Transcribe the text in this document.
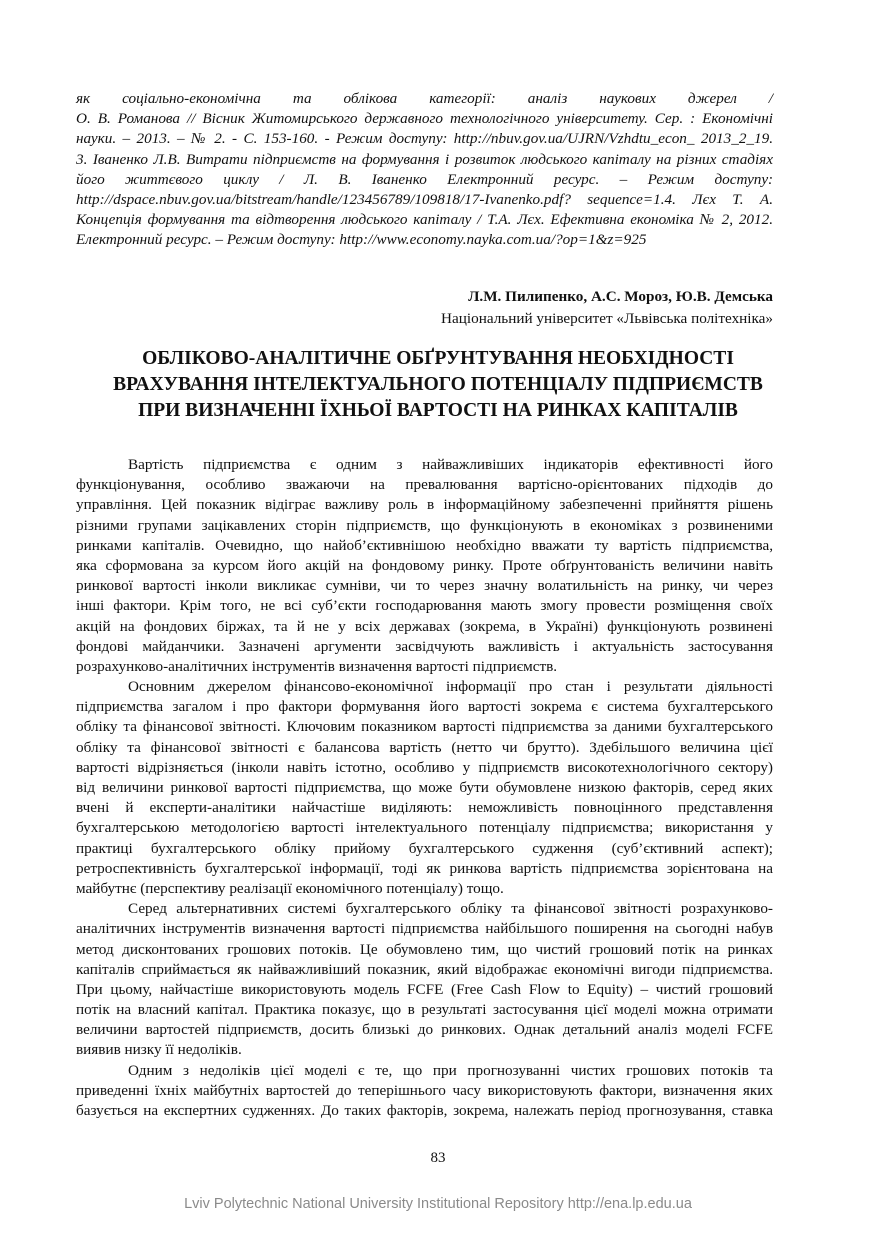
як соціально-економічна та облікова категорії: аналіз наукових джерел /
О. В. Романова // Вісник Житомирського державного технологічного університету. Сер. : Економічні
науки. – 2013. – № 2. - С. 153-160. - Режим доступу: http://nbuv.gov.ua/UJRN/Vzhdtu_econ_ 2013_2_19.
3. Іваненко Л.В. Витрати підприємств на формування і розвиток людського капіталу на різних стадіях
його життєвого циклу / Л. В. Іваненко Електронний ресурс. – Режим доступу:
http://dspace.nbuv.gov.ua/bitstream/handle/123456789/109818/17-Ivanenko.pdf? sequence=1.4. Лєх Т. А.
Концепція формування та відтворення людського капіталу / Т.А. Лєх. Ефективна економіка № 2, 2012.
Електронний ресурс. – Режим доступу: http://www.economy.nayka.com.ua/?op=1&z=925
Л.М. Пилипенко, А.С. Мороз, Ю.В. Демська
Національний університет «Львівська політехніка»
ОБЛІКОВО-АНАЛІТИЧНЕ ОБҐРУНТУВАННЯ НЕОБХІДНОСТІ
ВРАХУВАННЯ ІНТЕЛЕКТУАЛЬНОГО ПОТЕНЦІАЛУ ПІДПРИЄМСТВ
ПРИ ВИЗНАЧЕННІ ЇХНЬОЇ ВАРТОСТІ НА РИНКАХ КАПІТАЛІВ
Вартість підприємства є одним з найважливіших індикаторів ефективності його
функціонування, особливо зважаючи на превалювання вартісно-орієнтованих підходів до
управління. Цей показник відіграє важливу роль в інформаційному забезпеченні прийняття рішень
різними групами зацікавлених сторін підприємств, що функціонують в економіках з розвиненими
ринками капіталів. Очевидно, що найоб’єктивнішою необхідно вважати ту вартість підприємства,
яка сформована за курсом його акцій на фондовому ринку. Проте обґрунтованість величини навіть
ринкової вартості інколи викликає сумніви, чи то через значну волатильність на ринку, чи через
інші фактори. Крім того, не всі суб’єкти господарювання мають змогу провести розміщення своїх
акцій на фондових біржах, та й не у всіх державах (зокрема, в Україні) функціонують розвинені
фондові майданчики. Зазначені аргументи засвідчують важливість і актуальність застосування
розрахунково-аналітичних інструментів визначення вартості підприємств.
Основним джерелом фінансово-економічної інформації про стан і результати діяльності
підприємства загалом і про фактори формування його вартості зокрема є система бухгалтерського
обліку та фінансової звітності. Ключовим показником вартості підприємства за даними бухгалтерського
обліку та фінансової звітності є балансова вартість (нетто чи брутто). Здебільшого величина цієї
вартості відрізняється (інколи навіть істотно, особливо у підприємств високотехнологічного сектору)
від величини ринкової вартості підприємства, що може бути обумовлене низкою факторів, серед яких
вчені й експерти-аналітики найчастіше виділяють: неможливість повноцінного представлення
бухгалтерською методологією вартості інтелектуального потенціалу підприємства; використання у
практиці бухгалтерського обліку прийому бухгалтерського судження (суб’єктивний аспект);
ретроспективність бухгалтерської інформації, тоді як ринкова вартість підприємства зорієнтована на
майбутнє (перспективу реалізації економічного потенціалу) тощо.
Серед альтернативних системі бухгалтерського обліку та фінансової звітності розрахунково-
аналітичних інструментів визначення вартості підприємства найбільшого поширення на сьогодні набув
метод дисконтованих грошових потоків. Це обумовлено тим, що чистий грошовий потік на ринках
капіталів сприймається як найважливіший показник, який відображає економічні вигоди підприємства.
При цьому, найчастіше використовують модель FCFE (Free Cash Flow to Equity) – чистий грошовий
потік на власний капітал. Практика показує, що в результаті застосування цієї моделі можна отримати
величини вартостей підприємств, досить близькі до ринкових. Однак детальний аналіз моделі FCFE
виявив низку її недоліків.
Одним з недоліків цієї моделі є те, що при прогнозуванні чистих грошових потоків та
приведенні їхніх майбутніх вартостей до теперішнього часу використовують фактори, визначення яких
базується на експертних судженнях. До таких факторів, зокрема, належать період прогнозування, ставка
83
Lviv Polytechnic National University Institutional Repository http://ena.lp.edu.ua
